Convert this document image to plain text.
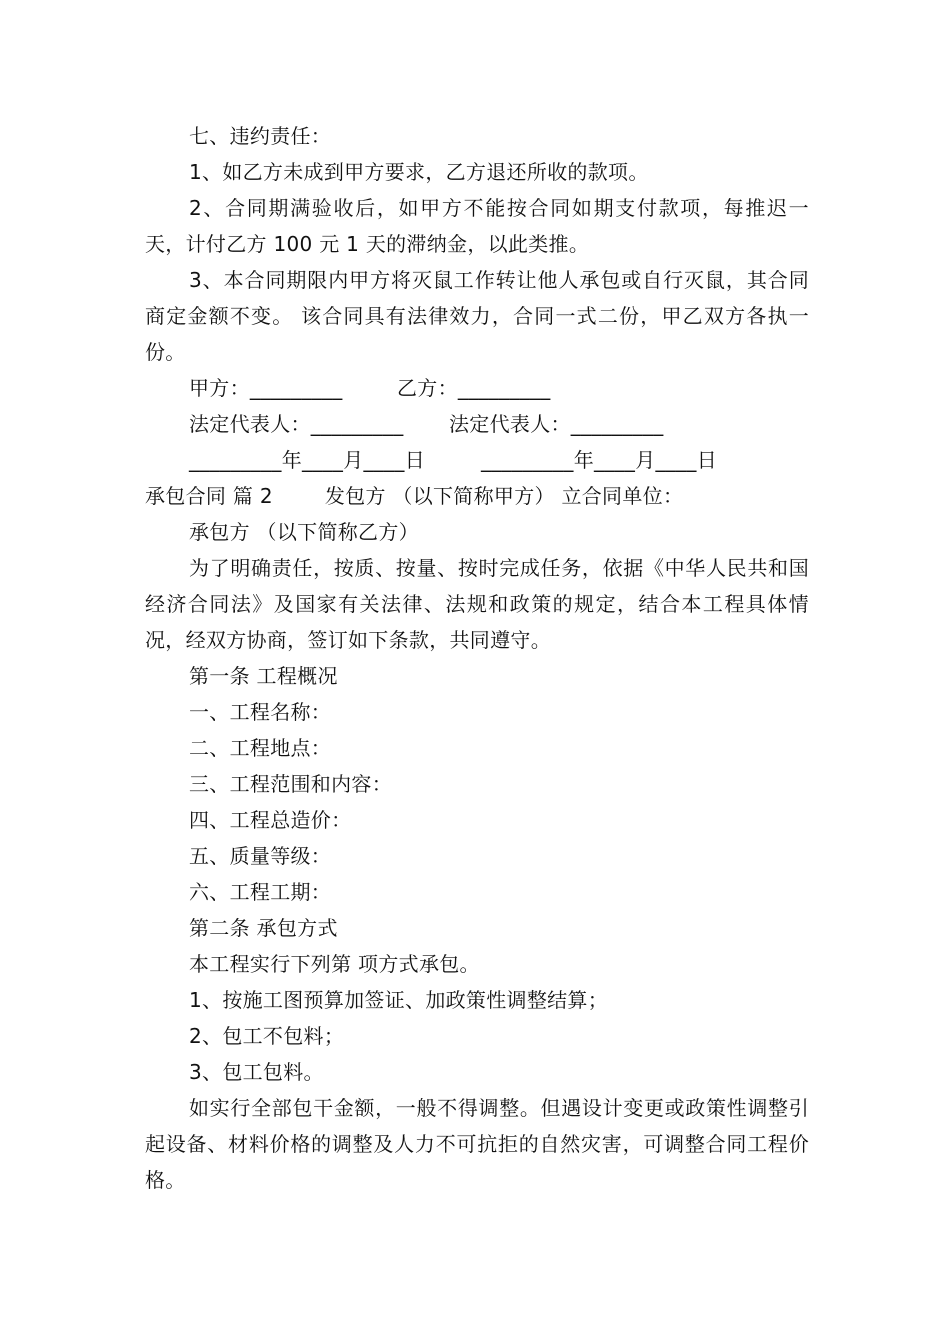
七、违约责任：

1、如乙方未成到甲方要求，乙方退还所收的款项。

2、合同期满验收后，如甲方不能按合同如期支付款项，每推迟一天，计付乙方 100 元 1 天的滞纳金，以此类推。

3、本合同期限内甲方将灭鼠工作转让他人承包或自行灭鼠，其合同商定金额不变。 该合同具有法律效力，合同一式二份，甲乙双方各执一份。

甲方：_________	乙方：_________
法定代表人：_________	法定代表人：_________
_________年____月____日	_________年____月____日
承包合同 篇 2	发包方 （以下简称甲方） 立合同单位：

承包方 （以下简称乙方）

为了明确责任，按质、按量、按时完成任务，依据《中华人民共和国经济合同法》及国家有关法律、法规和政策的规定，结合本工程具体情况，经双方协商，签订如下条款，共同遵守。

第一条 工程概况

一、工程名称：

二、工程地点：

三、工程范围和内容：

四、工程总造价：

五、质量等级：

六、工程工期：

第二条 承包方式

本工程实行下列第 项方式承包。

1、按施工图预算加签证、加政策性调整结算；

2、包工不包料；

3、包工包料。

如实行全部包干金额，一般不得调整。但遇设计变更或政策性调整引起设备、材料价格的调整及人力不可抗拒的自然灾害，可调整合同工程价格。
